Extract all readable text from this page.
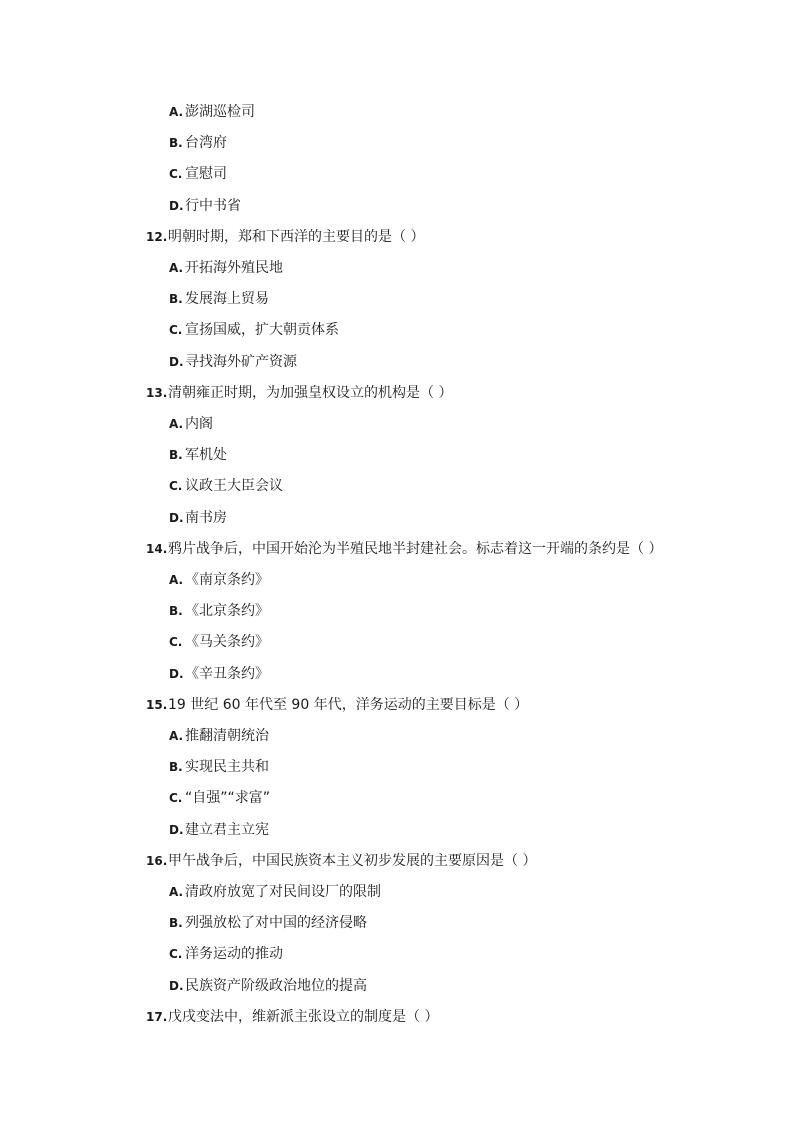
A. 澎湖巡检司
B. 台湾府
C. 宣慰司
D.行中书省
12.明朝时期，郑和下西洋的主要目的是（ ）
A. 开拓海外殖民地
B. 发展海上贸易
C. 宣扬国威，扩大朝贡体系
D.寻找海外矿产资源
13.清朝雍正时期，为加强皇权设立的机构是（ ）
A. 内阁
B. 军机处
C. 议政王大臣会议
D.南书房
14.鸦片战争后，中国开始沦为半殖民地半封建社会。标志着这一开端的条约是（ ）
A. 《南京条约》
B. 《北京条约》
C. 《马关条约》
D.《辛丑条约》
15.19 世纪 60 年代至 90 年代，洋务运动的主要目标是（ ）
A. 推翻清朝统治
B. 实现民主共和
C. “自强”“求富”
D.建立君主立宪
16.甲午战争后，中国民族资本主义初步发展的主要原因是（ ）
A. 清政府放宽了对民间设厂的限制
B. 列强放松了对中国的经济侵略
C. 洋务运动的推动
D.民族资产阶级政治地位的提高
17.戊戌变法中，维新派主张设立的制度是（ ）
